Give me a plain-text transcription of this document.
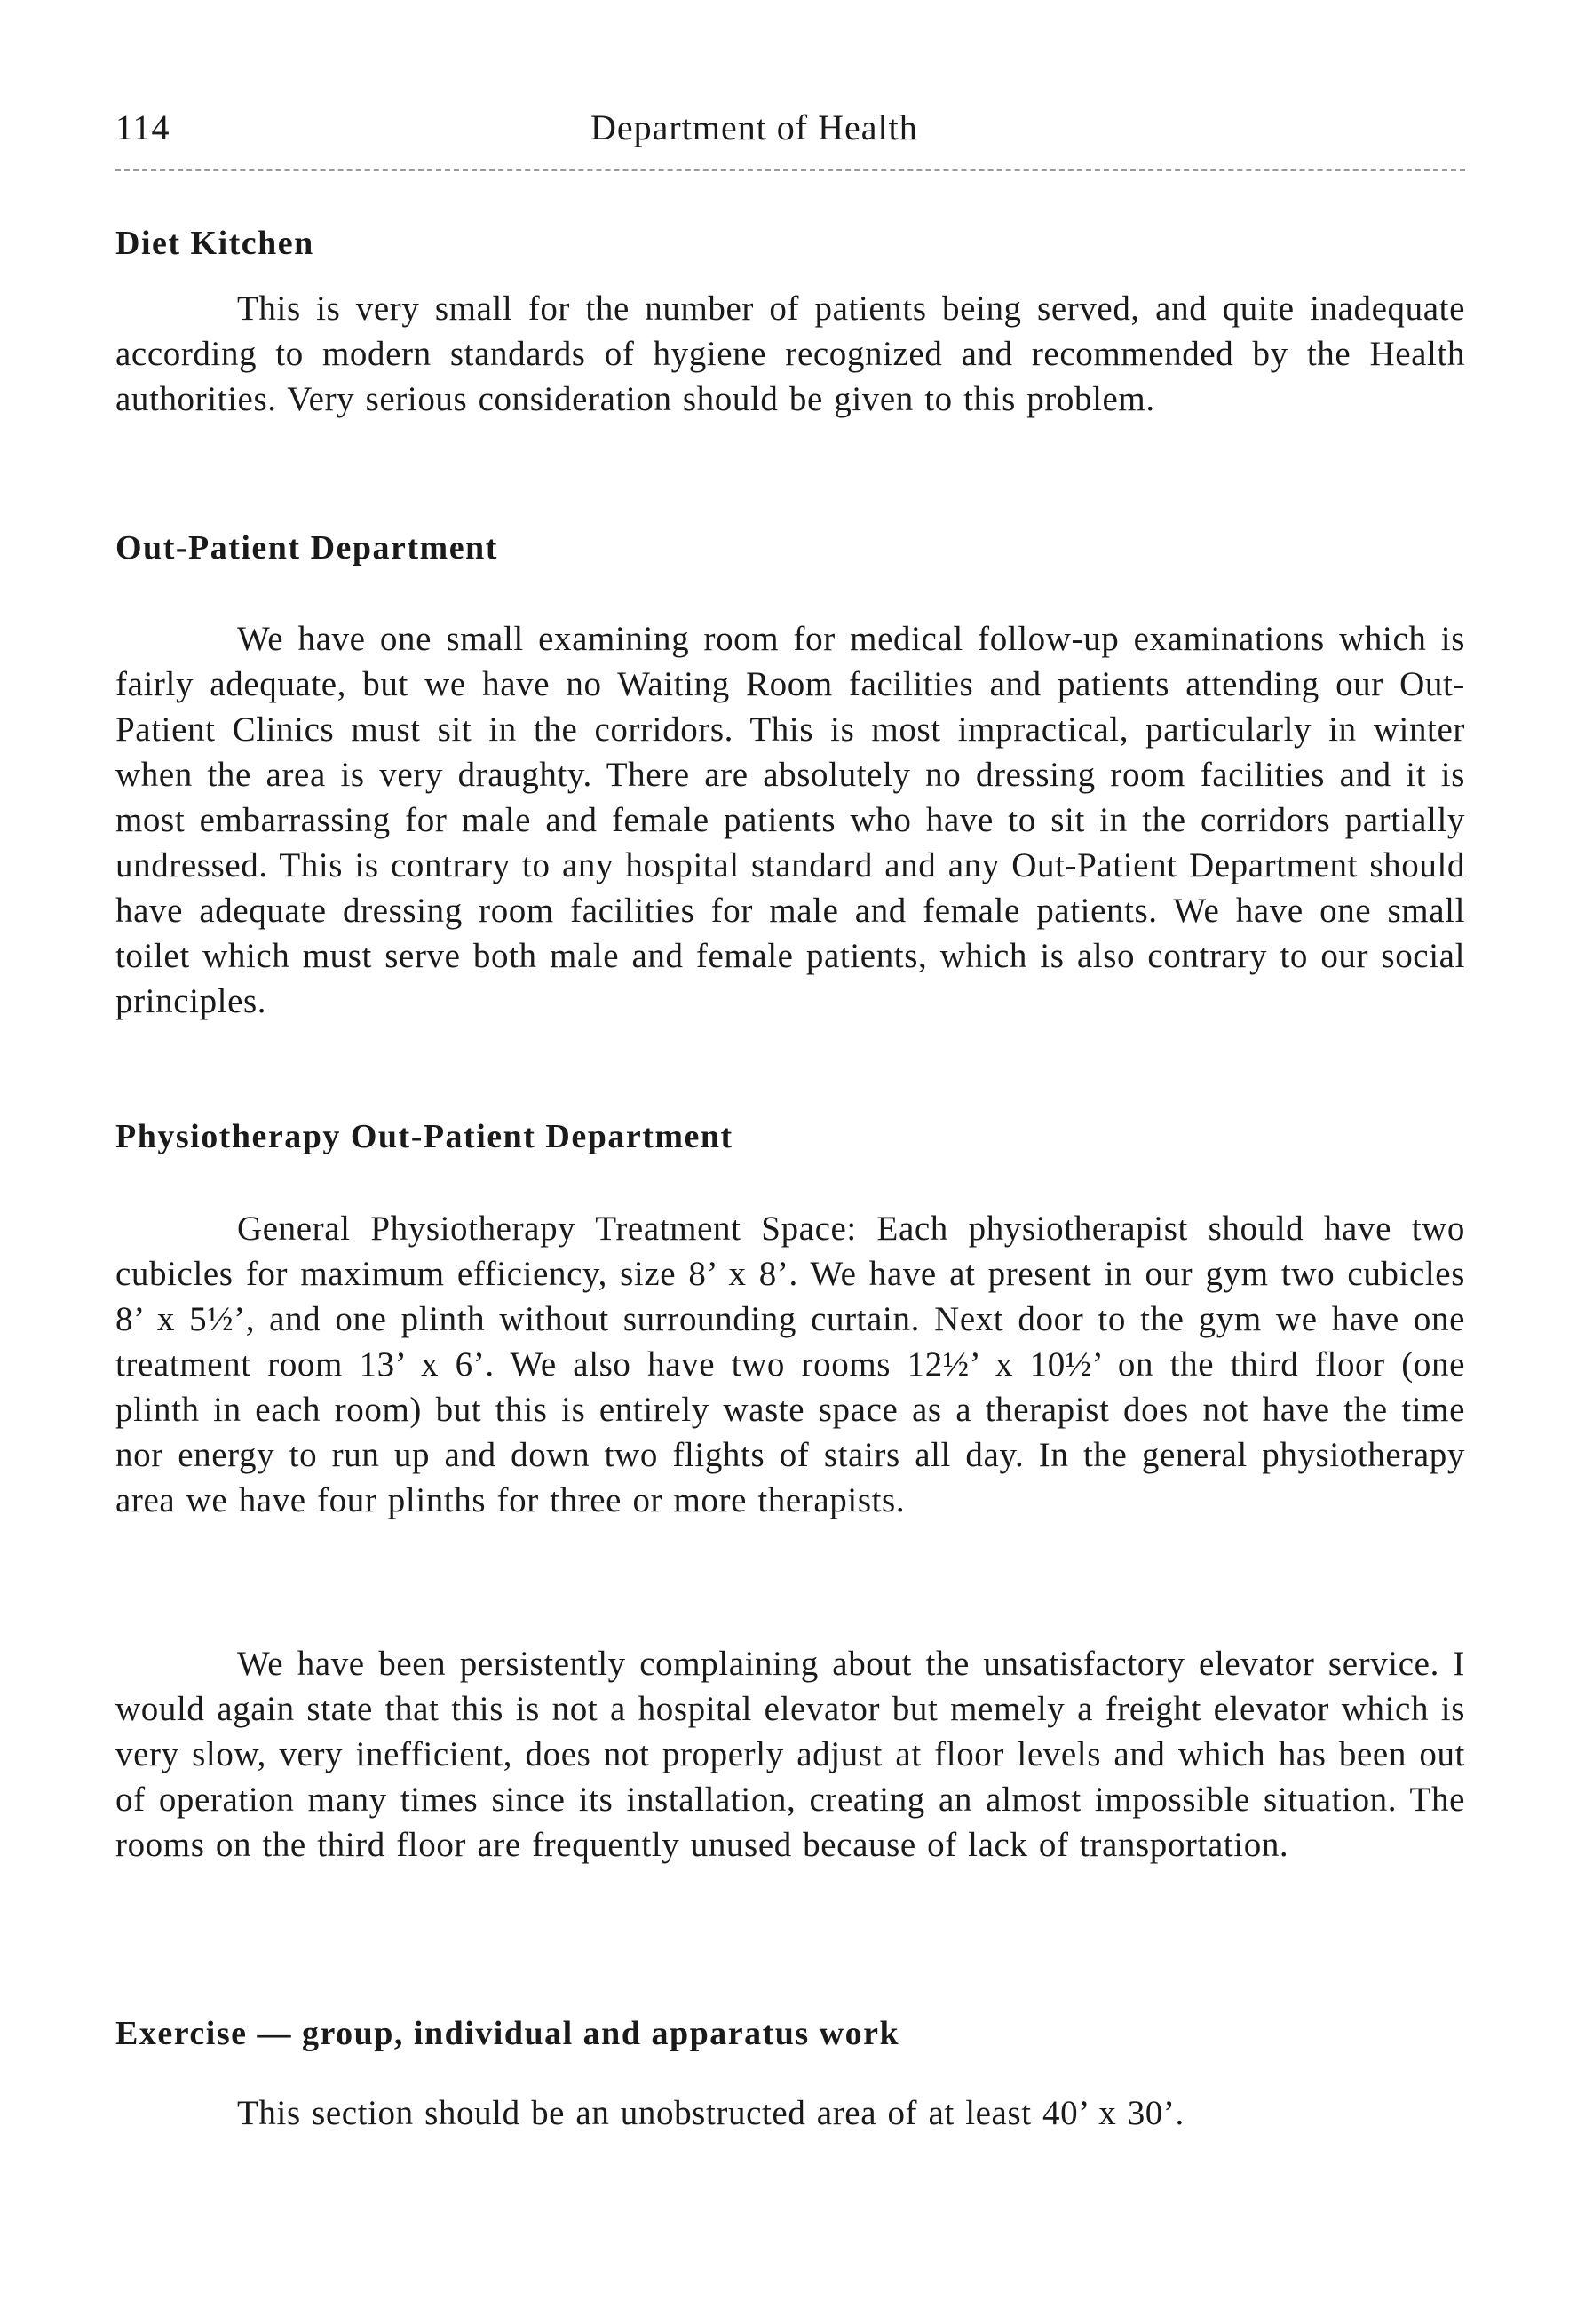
114	Department of Health
Diet Kitchen

This is very small for the number of patients being served, and quite inadequate according to modern standards of hygiene recognized and recommended by the Health authorities. Very serious consideration should be given to this problem.

Out-Patient Department

We have one small examining room for medical follow-up examinations which is fairly adequate, but we have no Waiting Room facilities and patients attending our Out-Patient Clinics must sit in the corridors. This is most impractical, particularly in winter when the area is very draughty. There are absolutely no dressing room facilities and it is most embarrassing for male and female patients who have to sit in the corridors partially undressed. This is contrary to any hospital standard and any Out-Patient Department should have adequate dressing room facilities for male and female patients. We have one small toilet which must serve both male and female patients, which is also contrary to our social principles.

Physiotherapy Out-Patient Department

General Physiotherapy Treatment Space: Each physiotherapist should have two cubicles for maximum efficiency, size 8’ x 8’. We have at present in our gym two cubicles 8’ x 5½’, and one plinth without surrounding curtain. Next door to the gym we have one treatment room 13’ x 6’. We also have two rooms 12½’ x 10½’ on the third floor (one plinth in each room) but this is entirely waste space as a therapist does not have the time nor energy to run up and down two flights of stairs all day. In the general physiotherapy area we have four plinths for three or more therapists.

We have been persistently complaining about the unsatisfactory elevator service. I would again state that this is not a hospital elevator but memely a freight elevator which is very slow, very inefficient, does not properly adjust at floor levels and which has been out of operation many times since its installation, creating an almost impossible situation. The rooms on the third floor are frequently unused because of lack of transportation.

Exercise — group, individual and apparatus work

This section should be an unobstructed area of at least 40’ x 30’.
